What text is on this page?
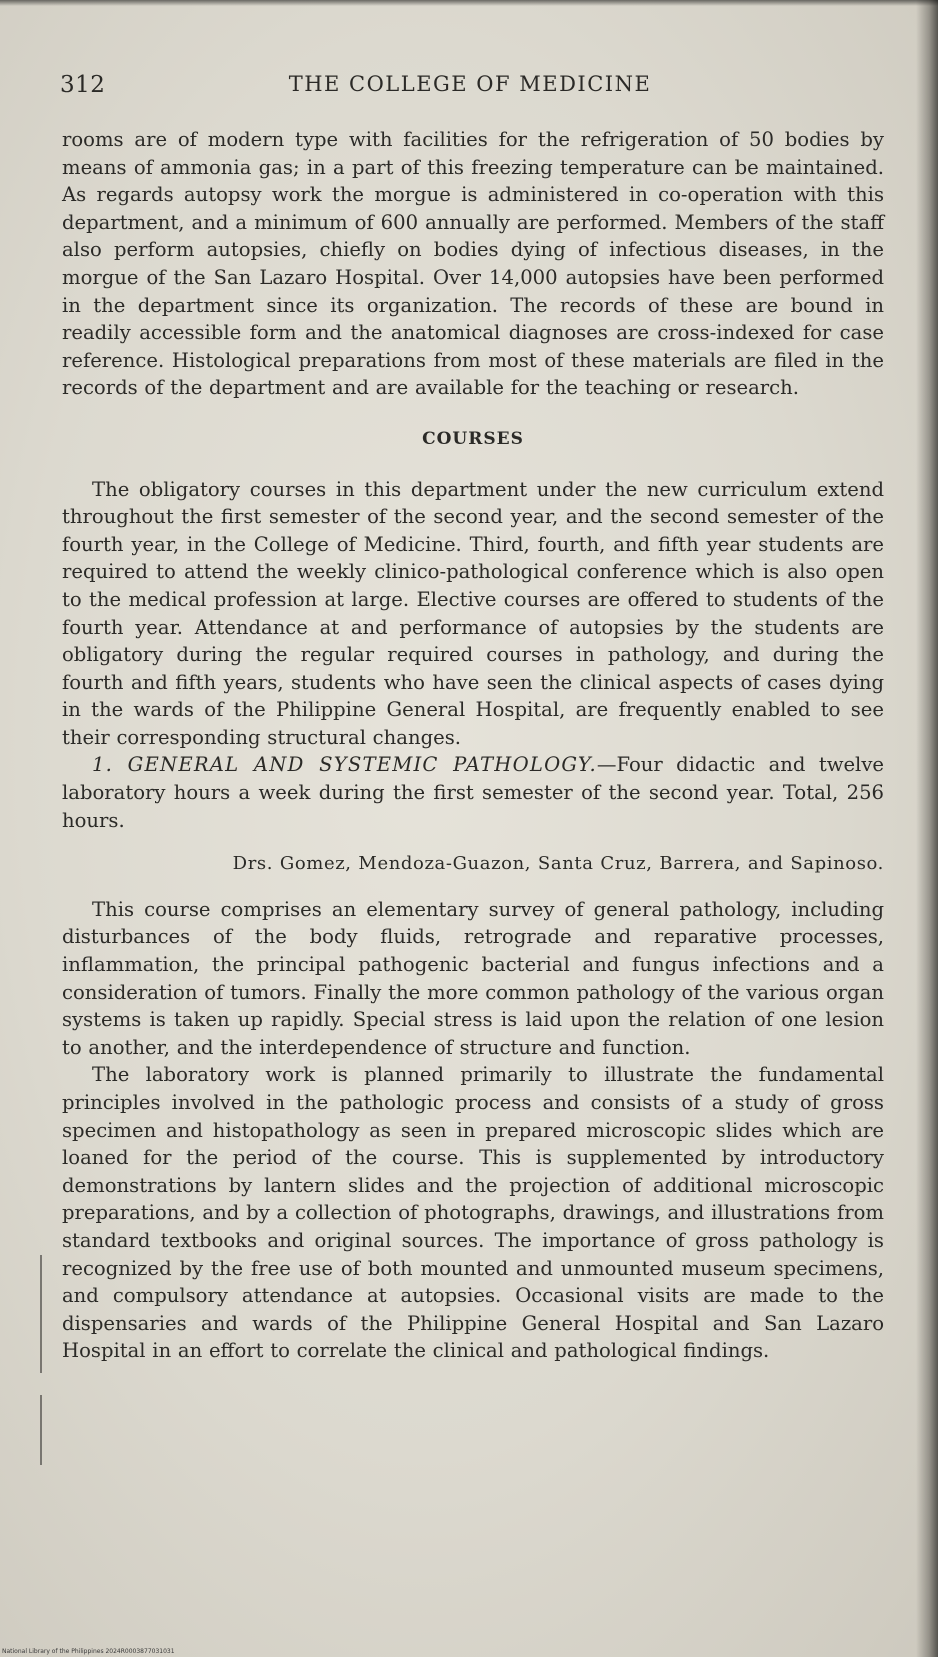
312	THE COLLEGE OF MEDICINE

rooms are of modern type with facilities for the refrigeration of 50 bodies by means of ammonia gas; in a part of this freezing temperature can be maintained. As regards autopsy work the morgue is administered in co-operation with this department, and a minimum of 600 annually are performed. Members of the staff also perform autopsies, chiefly on bodies dying of infectious diseases, in the morgue of the San Lazaro Hospital. Over 14,000 autopsies have been performed in the department since its organization. The records of these are bound in readily accessible form and the anatomical diagnoses are cross-indexed for case reference. Histological preparations from most of these materials are filed in the records of the department and are available for the teaching or research.

COURSES

The obligatory courses in this department under the new curriculum extend throughout the first semester of the second year, and the second semester of the fourth year, in the College of Medicine. Third, fourth, and fifth year students are required to attend the weekly clinico-pathological conference which is also open to the medical profession at large. Elective courses are offered to students of the fourth year. Attendance at and performance of autopsies by the students are obligatory during the regular required courses in pathology, and during the fourth and fifth years, students who have seen the clinical aspects of cases dying in the wards of the Philippine General Hospital, are frequently enabled to see their corresponding structural changes.

1. GENERAL AND SYSTEMIC PATHOLOGY.—Four didactic and twelve laboratory hours a week during the first semester of the second year. Total, 256 hours.

Drs. Gomez, Mendoza-Guazon, Santa Cruz, Barrera, and Sapinoso.

This course comprises an elementary survey of general pathology, including disturbances of the body fluids, retrograde and reparative processes, inflammation, the principal pathogenic bacterial and fungus infections and a consideration of tumors. Finally the more common pathology of the various organ systems is taken up rapidly. Special stress is laid upon the relation of one lesion to another, and the interdependence of structure and function.

The laboratory work is planned primarily to illustrate the fundamental principles involved in the pathologic process and consists of a study of gross specimen and histopathology as seen in prepared microscopic slides which are loaned for the period of the course. This is supplemented by introductory demonstrations by lantern slides and the projection of additional microscopic preparations, and by a collection of photographs, drawings, and illustrations from standard textbooks and original sources. The importance of gross pathology is recognized by the free use of both mounted and unmounted museum specimens, and compulsory attendance at autopsies. Occasional visits are made to the dispensaries and wards of the Philippine General Hospital and San Lazaro Hospital in an effort to correlate the clinical and pathological findings.

National Library of the Philippines 2024R0003877031031
